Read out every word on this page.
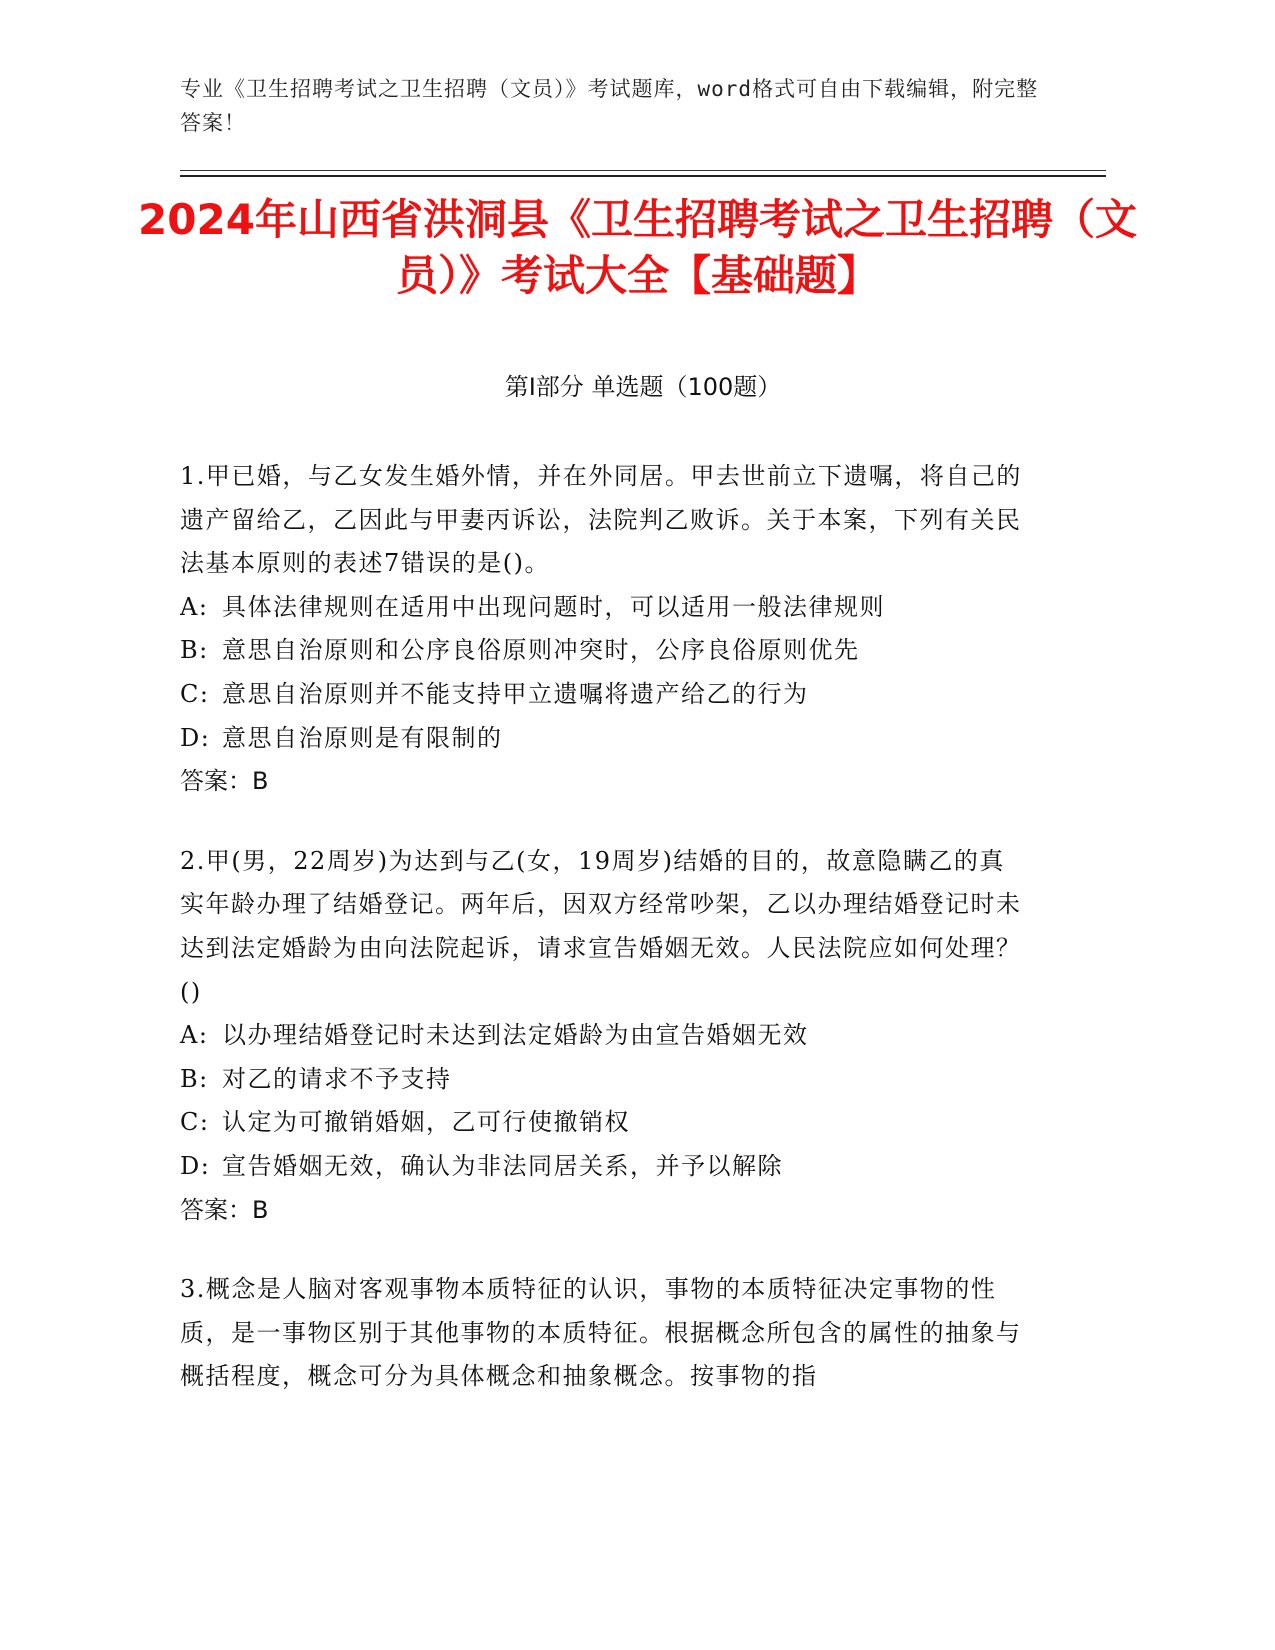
专业《卫生招聘考试之卫生招聘（文员）》考试题库，word格式可自由下载编辑，附完整答案！
2024年山西省洪洞县《卫生招聘考试之卫生招聘（文员）》考试大全【基础题】
第I部分 单选题（100题）
1.甲已婚，与乙女发生婚外情，并在外同居。甲去世前立下遗嘱，将自己的遗产留给乙，乙因此与甲妻丙诉讼，法院判乙败诉。关于本案，下列有关民法基本原则的表述7错误的是()。
A: 具体法律规则在适用中出现问题时，可以适用一般法律规则
B: 意思自治原则和公序良俗原则冲突时，公序良俗原则优先
C: 意思自治原则并不能支持甲立遗嘱将遗产给乙的行为
D: 意思自治原则是有限制的
答案：B
2.甲(男，22周岁)为达到与乙(女，19周岁)结婚的目的，故意隐瞒乙的真实年龄办理了结婚登记。两年后，因双方经常吵架，乙以办理结婚登记时未达到法定婚龄为由向法院起诉，请求宣告婚姻无效。人民法院应如何处理？()
A: 以办理结婚登记时未达到法定婚龄为由宣告婚姻无效
B: 对乙的请求不予支持
C: 认定为可撤销婚姻，乙可行使撤销权
D: 宣告婚姻无效，确认为非法同居关系，并予以解除
答案：B
3.概念是人脑对客观事物本质特征的认识，事物的本质特征决定事物的性质，是一事物区别于其他事物的本质特征。根据概念所包含的属性的抽象与概括程度，概念可分为具体概念和抽象概念。按事物的指
